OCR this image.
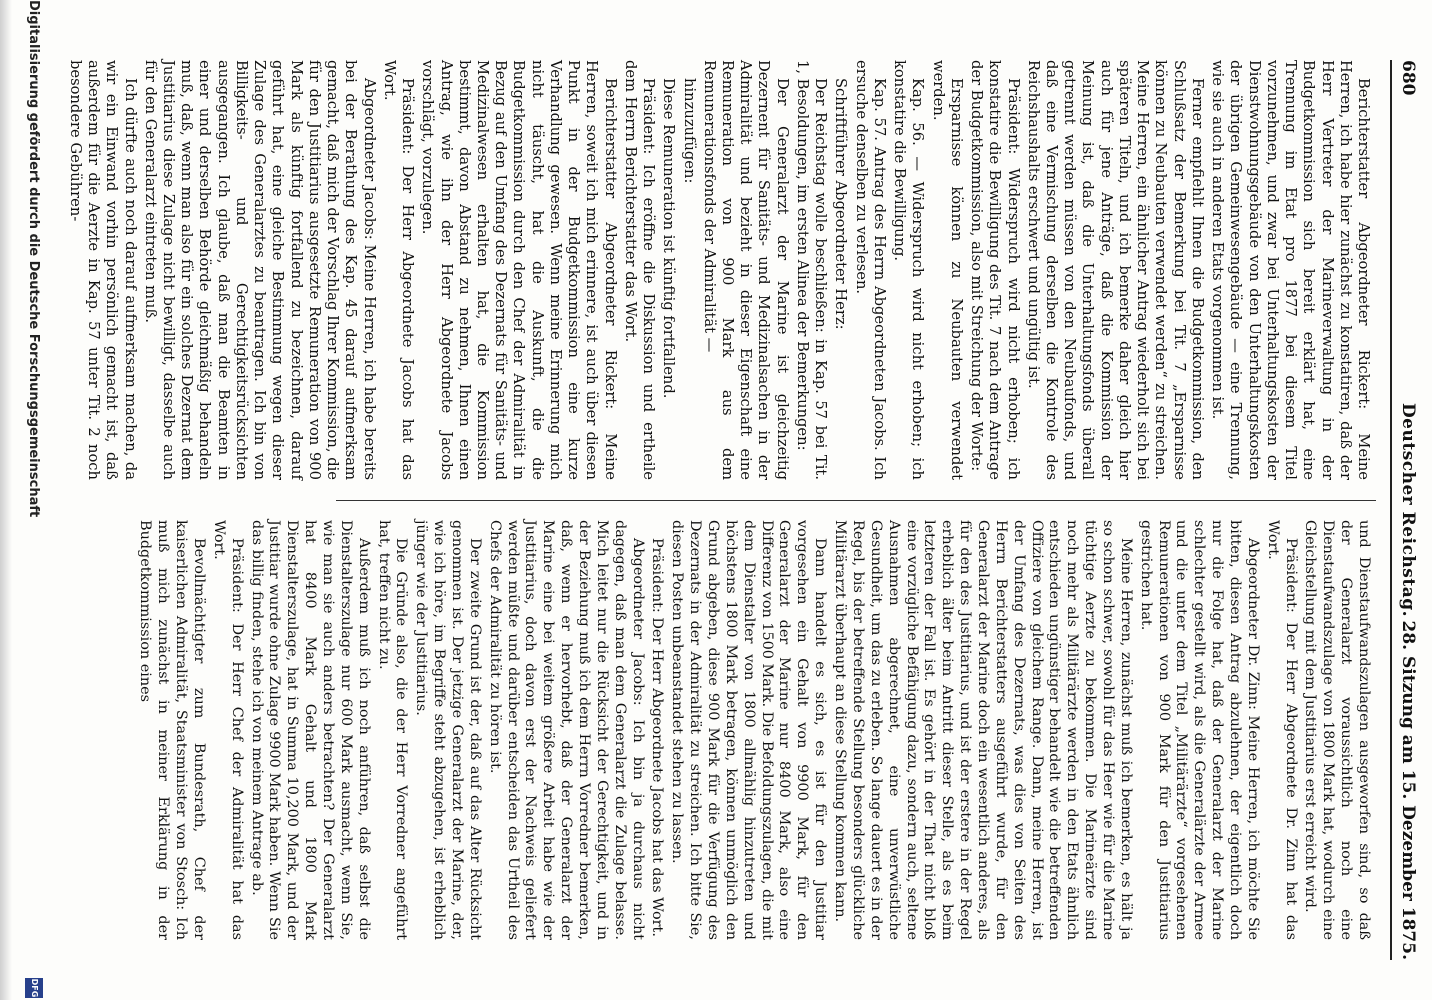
680
Deutscher Reichstag.
28. Sitzung am 15. Dezember 1875.

Berichterstatter Abgeordneter Rickert: Meine Herren, ich habe hier zunächst zu konstatiren, daß der Herr Vertreter der Marineverwaltung in der Budgetkommission sich bereit erklärt hat, eine Trennung im Etat pro 1877 bei diesem Titel vorzunehmen, und zwar bei Unterhaltungskosten der Dienstwohnungsgebäude von den Unterhaltungskosten der übrigen Gemeinwesengebäude — eine Trennung, wie sie auch in anderen Etats vorgenommen ist.

Ferner empfiehlt Ihnen die Budgetkommission, den Schlußsatz der Bemerkung bei Tit. 7 „Ersparnisse können zu Neubauten verwendet werden“ zu streichen. Meine Herren, ein ähnlicher Antrag wiederholt sich bei späteren Titeln, und ich bemerke daher gleich hier auch für jene Anträge, daß die Kommission der Meinung ist, daß die Unterhaltungsfonds überall getrennt werden müssen von den Neubaufonds, und daß eine Vermischung derselben die Kontrole des Reichshaushalts erschwert und ungültig ist.

Präsident: Widerspruch wird nicht erhoben; ich konstatire die Bewilligung des Tit. 7 nach dem Antrage der Budgetkommission, also mit Streichung der Worte:

Ersparnisse können zu Neubauten verwendet werden.

Kap. 56. — Widerspruch wird nicht erhoben; ich konstatire die Bewilligung.

Kap. 57. Antrag des Herrn Abgeordneten Jacobs. Ich ersuche denselben zu verlesen.

Schriftführer Abgeordneter Herz:

Der Reichstag wolle beschließen: in Kap. 57 bei Tit. 1, Besoldungen, im ersten Alinea der Bemerkungen:

Der Generalarzt der Marine ist gleichzeitig Dezernent für Sanitäts- und Medizinalsachen in der Admiralität und bezieht in dieser Eigenschaft eine Remuneration von 900 Mark aus dem Remunerationsfonds der Admiralität —

hinzuzufügen:

Diese Remuneration ist künftig fortfallend.

Präsident: Ich eröffne die Diskussion und ertheile dem Herrn Berichterstatter das Wort.

Berichterstatter Abgeordneter Rickert: Meine Herren, soweit ich mich erinnere, ist auch über diesen Punkt in der Budgetkommission eine kurze Verhandlung gewesen. Wenn meine Erinnerung mich nicht täuscht, hat die Auskunft, die die Budgetkommission durch den Chef der Admiralität in Bezug auf den Umfang des Dezernats für Sanitäts- und Medizinalwesen erhalten hat, die Kommission bestimmt, davon Abstand zu nehmen, Ihnen einen Antrag, wie ihn der Herr Abgeordnete Jacobs vorschlägt, vorzulegen.

Präsident: Der Herr Abgeordnete Jacobs hat das Wort.

Abgeordneter Jacobs: Meine Herren, ich habe bereits bei der Berathung des Kap. 45 darauf aufmerksam gemacht, daß mich der Vorschlag Ihrer Kommission, die für den Justitiarius ausgesetzte Remuneration von 900 Mark als künftig fortfallend zu bezeichnen, darauf geführt hat, eine gleiche Bestimmung wegen dieser Zulage des Generalarztes zu beantragen. Ich bin von Billigkeits- und Gerechtigkeitsrücksichten ausgegangen. Ich glaube, daß man die Beamten in einer und derselben Behörde gleichmäßig behandeln muß, daß, wenn man also für ein solches Dezernat dem Justitiarius diese Zulage nicht bewilligt, dasselbe auch für den Generalarzt eintreten muß.

Ich dürfte auch noch darauf aufmerksam machen, da wir ein Einwand vorhin persönlich gemacht ist, daß außerdem für die Aerzte in Kap. 57 unter Tit. 2 noch besondere Gebühren-

und Dienstaufwandszulagen ausgeworfen sind, so daß der Generalarzt voraussichtlich noch eine Dienstaufwandszulage von 1800 Mark hat, wodurch eine Gleichstellung mit dem Justitiarius erst erreicht wird.

Präsident: Der Herr Abgeordnete Dr. Zinn hat das Wort.

Abgeordneter Dr. Zinn: Meine Herren, ich möchte Sie bitten, diesen Antrag abzulehnen, der eigentlich doch nur die Folge hat, daß der Generalarzt der Marine schlechter gestellt wird, als die Generalärzte der Armee und die unter dem Titel „Militärärzte“ vorgesehenen Remunerationen von 900 Mark für den Justitiarius gestrichen hat.

Meine Herren, zunächst muß ich bemerken, es hält ja so schon schwer, sowohl für das Heer wie für die Marine tüchtige Aerzte zu bekommen. Die Marineärzte sind noch mehr als Militärärzte werden in den Etats ähnlich entschieden ungünstiger behandelt wie die betreffenden Offiziere von gleichem Range. Dann, meine Herren, ist der Umfang des Dezernats, was dies von Seiten des Herrn Berichterstatters ausgeführt wurde, für den Generalarzt der Marine doch ein wesentlich anderes, als für den des Justitiarius, und ist der erstere in der Regel erheblich älter beim Antritt dieser Stelle, als es beim letzteren der Fall ist. Es gehört in der That nicht bloß eine vorzügliche Befähigung dazu, sondern auch, seltene Ausnahmen abgerechnet, eine unverwüstliche Gesundheit, um das zu erleben. So lange dauert es in der Regel, bis der betreffende Stellung besonders glückliche Militärarzt überhaupt an diese Stellung kommen kann.

Dann handelt es sich, es ist für den Justitiar vorgesehen ein Gehalt von 9900 Mark, für den Generalarzt der Marine nur 8400 Mark, also eine Differenz von 1500 Mark. Die Befoldungszulagen, die mit dem Dienstalter von 1800 allmählig hinzutreten und höchstens 1800 Mark betragen, können unmöglich den Grund abgeben, diese 900 Mark für die Verfügung des Dezernats in der Admiralität zu streichen. Ich bitte Sie, diesen Posten unbeanstandet stehen zu lassen.

Präsident: Der Herr Abgeordnete Jacobs hat das Wort.

Abgeordneter Jacobs: Ich bin ja durchaus nicht dagegen, daß man dem Generalarzt die Zulage belasse. Mich leitet nur die Rücksicht der Gerechtigkeit, und in der Beziehung muß ich dem Herrn Vorredner bemerken, daß, wenn er hervorhebt, daß der Generalarzt der Marine eine bei weitem größere Arbeit habe wie der Justitiarius, doch davon erst der Nachweis geliefert werden müßte und darüber entscheiden das Urtheil des Chefs der Admiralität zu hören ist.

Der zweite Grund ist der, daß auf das Alter Rücksicht genommen ist. Der jetzige Generalarzt der Marine, der, wie ich höre, im Begriffe steht abzugehen, ist erheblich jünger wie der Justitiarius.

Die Gründe also, die der Herr Vorredner angeführt hat, treffen nicht zu.

Außerdem muß ich noch anführen, daß selbst die Dienstalterszulage nur 600 Mark ausmacht, wenn Sie, wie man sie auch anders betrachten? Der Generalarzt hat 8400 Mark Gehalt und 1800 Mark Dienstalterszulage, hat in Summa 10,200 Mark, und der Justitiar wurde ohne Zulage 9900 Mark haben. Wenn Sie das billig finden, stehe ich von meinem Antrage ab.

Präsident: Der Herr Chef der Admiralität hat das Wort.

Bevollmächtigter zum Bundesrath, Chef der kaiserlichen Admiralität, Staatsminister von Stosch: Ich muß mich zunächst in meiner Erklärung in der Budgetkommission eines

Digitalisierung gefördert durch die Deutsche Forschungsgemeinschaft
DFG
